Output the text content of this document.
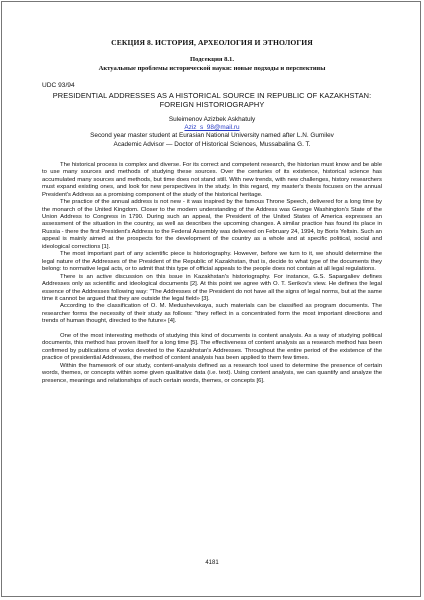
СЕКЦИЯ 8. ИСТОРИЯ, АРХЕОЛОГИЯ И ЭТНОЛОГИЯ
Подсекция 8.1.
Актуальные проблемы исторической науки: новые подходы и перспективы
UDC 93/94
PRESIDENTIAL ADDRESSES AS A HISTORICAL SOURCE IN REPUBLIC OF KAZAKHSTAN: FOREIGN HISTORIOGRAPHY
Suleimenov Azizbek Askhatuly
Aziz_s_98@mail.ru
Second year master student at Eurasian National University named after L.N. Gumilev
Academic Advisor — Doctor of Historical Sciences, Mussabalina G. T.

The historical process is complex and diverse. For its correct and competent research, the historian must know and be able to use many sources and methods of studying these sources. Over the centuries of its existence, historical science has accumulated many sources and methods, but time does not stand still. With new trends, with new challenges, history researchers must expand existing ones, and look for new perspectives in the study. In this regard, my master's thesis focuses on the annual President's Address as a promising component of the study of the historical heritage.

The practice of the annual address is not new - it was inspired by the famous Throne Speech, delivered for a long time by the monarch of the United Kingdom. Closer to the modern understanding of the Address was George Washington's State of the Union Address to Congress in 1790. During such an appeal, the President of the United States of America expresses an assessment of the situation in the country, as well as describes the upcoming changes. A similar practice has found its place in Russia - there the first President's Address to the Federal Assembly was delivered on February 24, 1994, by Boris Yeltsin. Such an appeal is mainly aimed at the prospects for the development of the country as a whole and at specific political, social and ideological corrections [1].

The most important part of any scientific piece is historiography. However, before we turn to it, we should determine the legal nature of the Addresses of the President of the Republic of Kazakhstan, that is, decide to what type of the documents they belong: to normative legal acts, or to admit that this type of official appeals to the people does not contain at all legal regulations.

There is an active discussion on this issue in Kazakhstan's historiography. For instance, G.S. Sapargaliev defines Addresses only as scientific and ideological documents [2]. At this point we agree with O. T. Serikov's view. He defines the legal essence of the Addresses following way: "The Addresses of the President do not have all the signs of legal norms, but at the same time it cannot be argued that they are outside the legal field» [3].

According to the classification of O. M. Medushevskaya, such materials can be classified as program documents. The researcher forms the necessity of their study as follows: "they reflect in a concentrated form the most important directions and trends of human thought, directed to the future» [4].

One of the most interesting methods of studying this kind of documents is content analysis. As a way of studying political documents, this method has proven itself for a long time [5]. The effectiveness of content analysis as a research method has been confirmed by publications of works devoted to the Kazakhstan's Addresses. Throughout the entire period of the existence of the practice of presidential Addresses, the method of content analysis has been applied to them few times.

Within the framework of our study, content-analysis defined as a research tool used to determine the presence of certain words, themes, or concepts within some given qualitative data (i.e. text). Using content analysis, we can quantify and analyze the presence, meanings and relationships of such certain words, themes, or concepts [6].

4181
